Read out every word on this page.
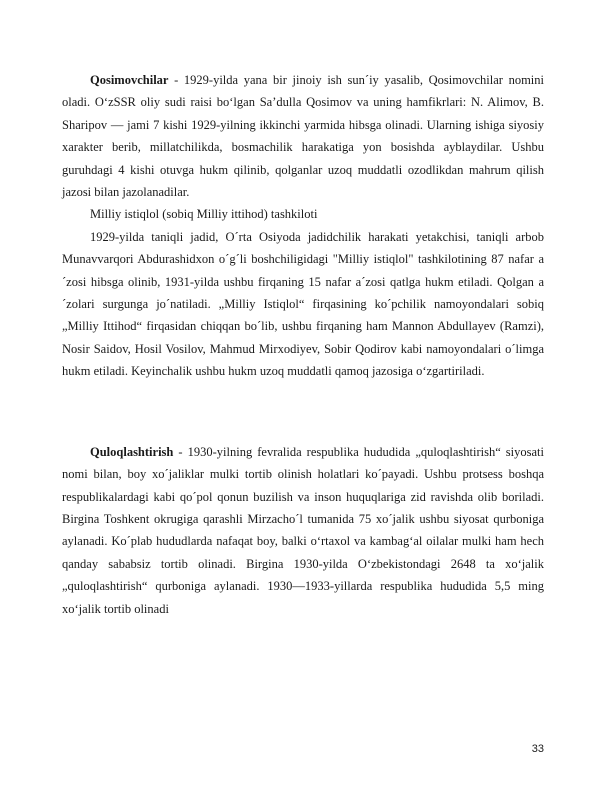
Qosimovchilar - 1929-yilda yana bir jinoiy ish sun´iy yasalib, Qosimovchilar nomini oladi. O‘zSSR oliy sudi raisi bo‘lgan Sa’dulla Qosimov va uning hamfikrlari: N. Alimov, B. Sharipov — jami 7 kishi 1929-yilning ikkinchi yarmida hibsga olinadi. Ularning ishiga siyosiy xarakter berib, millatchilikda, bosmachilik harakatiga yon bosishda ayblaydilar. Ushbu guruhdagi 4 kishi otuvga hukm qilinib, qolganlar uzoq muddatli ozodlikdan mahrum qilish jazosi bilan jazolanadilar.

Milliy istiqlol (sobiq Milliy ittihod) tashkiloti

1929-yilda taniqli jadid, O´rta Osiyoda jadidchilik harakati yetakchisi, taniqli arbob Munavvarqori Abdurashidxon o´g´li boshchiligidagi "Milliy istiqlol" tashkilotining 87 nafar a´zosi hibsga olinib, 1931-yilda ushbu firqaning 15 nafar a´zosi qatlga hukm etiladi. Qolgan a´zolari surgunga jo´natiladi. „Milliy Istiqlol“ firqasining ko´pchilik namoyondalari sobiq „Milliy Ittihod“ firqasidan chiqqan bo´lib, ushbu firqaning ham Mannon Abdullayev (Ramzi), Nosir Saidov, Hosil Vosilov, Mahmud Mirxodiyev, Sobir Qodirov kabi namoyondalari o´limga hukm etiladi. Keyinchalik ushbu hukm uzoq muddatli qamoq jazosiga o‘zgartiriladi.

Quloqlashtirish - 1930-yilning fevralida respublika hududida „quloqlashtirish“ siyosati nomi bilan, boy xo´jaliklar mulki tortib olinish holatlari ko´payadi. Ushbu protsess boshqa respublikalardagi kabi qo´pol qonun buzilish va inson huquqlariga zid ravishda olib boriladi. Birgina Toshkent okrugiga qarashli Mirzacho´l tumanida 75 xo´jalik ushbu siyosat qurboniga aylanadi. Ko´plab hududlarda nafaqat boy, balki o‘rtaxol va kambag‘al oilalar mulki ham hech qanday sababsiz tortib olinadi. Birgina 1930-yilda O‘zbekistondagi 2648 ta xo‘jalik „quloqlashtirish“ qurboniga aylanadi. 1930—1933-yillarda respublika hududida 5,5 ming xo‘jalik tortib olinadi

33
